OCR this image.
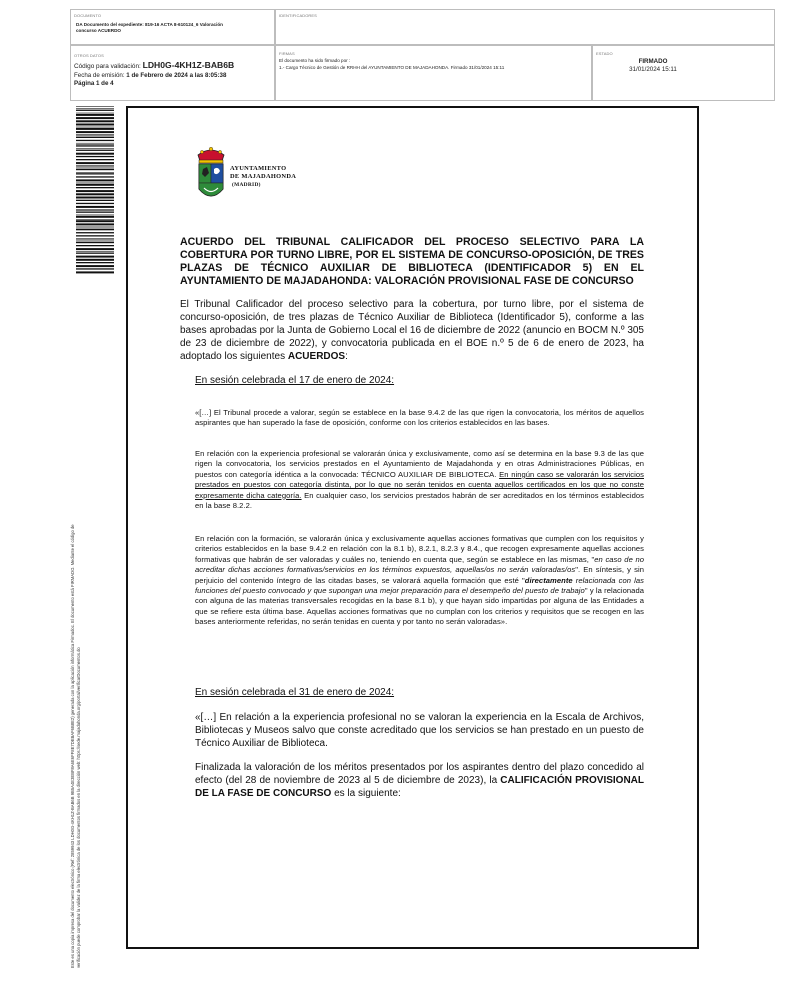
DOCUMENTO
DA Documento del expediente: 819-16 ACTA 8-610124_6 Valoración concurso ACUERDO
IDENTIFICADORES
OTROS DATOS
Código para validación: LDH0G-4KH1Z-BAB6B
Fecha de emisión: 1 de Febrero de 2024 a las 8:05:38
Página 1 de 4
FIRMAS
El documento ha sido firmado por :
1.- Cargo Técnico de Gestión de RRHH del AYUNTAMIENTO DE MAJADAHONDA. Firmado 31/01/2024 15:11
ESTADO
FIRMADO
31/01/2024 15:11
Este es una copia impresa del documento electrónico (Ref: 2859943 LDH0G-4KH1Z-BAB6B 9B5A4E3EBF8A6E6FF8E7DEBAF6B8E2) generada con la aplicación informática Firmadoc. El documento está FIRMADO. Mediante el código de verificación puede comprobar la validez de la firma electrónica de los documentos firmados en la dirección web: https://sede.majadahonda.org/portal/verificarDocumentos.do
AYUNTAMIENTO
DE MAJADAHONDA
(MADRID)
ACUERDO DEL TRIBUNAL CALIFICADOR DEL PROCESO SELECTIVO PARA LA COBERTURA POR TURNO LIBRE, POR EL SISTEMA DE CONCURSO-OPOSICIÓN, DE TRES PLAZAS DE TÉCNICO AUXILIAR DE BIBLIOTECA (IDENTIFICADOR 5) EN EL AYUNTAMIENTO DE MAJADAHONDA: VALORACIÓN PROVISIONAL FASE DE CONCURSO
El Tribunal Calificador del proceso selectivo para la cobertura, por turno libre, por el sistema de concurso-oposición, de tres plazas de Técnico Auxiliar de Biblioteca (Identificador 5), conforme a las bases aprobadas por la Junta de Gobierno Local el 16 de diciembre de 2022 (anuncio en BOCM N.º 305 de 23 de diciembre de 2022), y convocatoria publicada en el BOE n.º 5 de 6 de enero de 2023, ha adoptado los siguientes ACUERDOS:
En sesión celebrada el 17 de enero de 2024:
«[…] El Tribunal procede a valorar, según se establece en la base 9.4.2 de las que rigen la convocatoria, los méritos de aquellos aspirantes que han superado la fase de oposición, conforme con los criterios establecidos en las bases.
En relación con la experiencia profesional se valorarán única y exclusivamente, como así se determina en la base 9.3 de las que rigen la convocatoria, los servicios prestados en el Ayuntamiento de Majadahonda y en otras Administraciones Públicas, en puestos con categoría idéntica a la convocada: TÉCNICO AUXILIAR DE BIBLIOTECA. En ningún caso se valorarán los servicios prestados en puestos con categoría distinta, por lo que no serán tenidos en cuenta aquellos certificados en los que no conste expresamente dicha categoría. En cualquier caso, los servicios prestados habrán de ser acreditados en los términos establecidos en la base 8.2.2.
En relación con la formación, se valorarán única y exclusivamente aquellas acciones formativas que cumplen con los requisitos y criterios establecidos en la base 9.4.2 en relación con la 8.1 b), 8.2.1, 8.2.3 y 8.4., que recogen expresamente aquellas acciones formativas que habrán de ser valoradas y cuáles no, teniendo en cuenta que, según se establece en las mismas, "en caso de no acreditar dichas acciones formativas/servicios en los términos expuestos, aquellas/os no serán valoradas/os". En síntesis, y sin perjuicio del contenido íntegro de las citadas bases, se valorará aquella formación que esté "directamente relacionada con las funciones del puesto convocado y que supongan una mejor preparación para el desempeño del puesto de trabajo" y la relacionada con alguna de las materias transversales recogidas en la base 8.1 b), y que hayan sido impartidas por alguna de las Entidades a que se refiere esta última base. Aquellas acciones formativas que no cumplan con los criterios y requisitos que se recogen en las bases anteriormente referidas, no serán tenidas en cuenta y por tanto no serán valoradas».
En sesión celebrada el 31 de enero de 2024:
«[…] En relación a la experiencia profesional no se valoran la experiencia en la Escala de Archivos, Bibliotecas y Museos salvo que conste acreditado que los servicios se han prestado en un puesto de Técnico Auxiliar de Biblioteca.
Finalizada la valoración de los méritos presentados por los aspirantes dentro del plazo concedido al efecto (del 28 de noviembre de 2023 al 5 de diciembre de 2023), la CALIFICACIÓN PROVISIONAL DE LA FASE DE CONCURSO es la siguiente:
